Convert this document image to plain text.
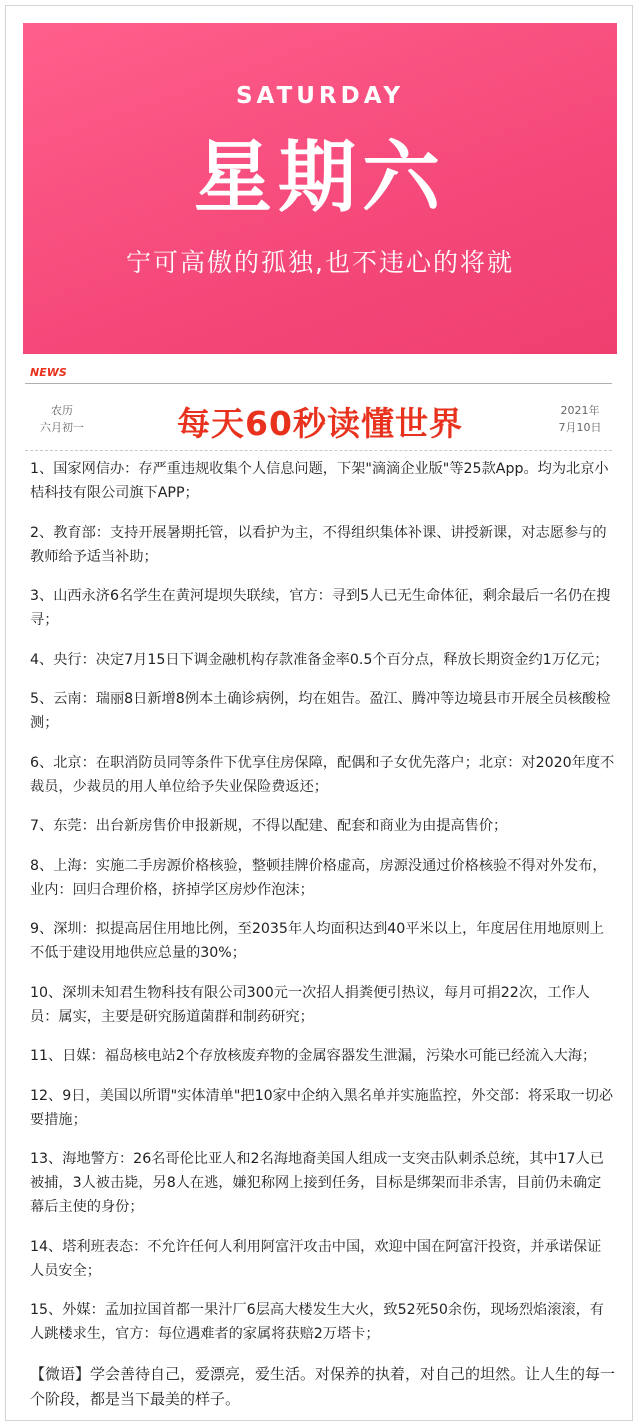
SATURDAY
星期六
宁可高傲的孤独,也不违心的将就
NEWS
农历
六月初一	每天60秒读懂世界	2021年
7月10日

1、国家网信办：存严重违规收集个人信息问题，下架"滴滴企业版"等25款App。均为北京小桔科技有限公司旗下APP；

2、教育部：支持开展暑期托管，以看护为主，不得组织集体补课、讲授新课，对志愿参与的教师给予适当补助；

3、山西永济6名学生在黄河堤坝失联续，官方：寻到5人已无生命体征，剩余最后一名仍在搜寻；

4、央行：决定7月15日下调金融机构存款准备金率0.5个百分点，释放长期资金约1万亿元；

5、云南：瑞丽8日新增8例本土确诊病例，均在姐告。盈江、腾冲等边境县市开展全员核酸检测；

6、北京：在职消防员同等条件下优享住房保障，配偶和子女优先落户；北京：对2020年度不裁员，少裁员的用人单位给予失业保险费返还；

7、东莞：出台新房售价申报新规，不得以配建、配套和商业为由提高售价；

8、上海：实施二手房源价格核验，整顿挂牌价格虚高，房源没通过价格核验不得对外发布，业内：回归合理价格，挤掉学区房炒作泡沫；

9、深圳：拟提高居住用地比例，至2035年人均面积达到40平米以上，年度居住用地原则上不低于建设用地供应总量的30%；

10、深圳未知君生物科技有限公司300元一次招人捐粪便引热议，每月可捐22次，工作人员：属实，主要是研究肠道菌群和制药研究；

11、日媒：福岛核电站2个存放核废弃物的金属容器发生泄漏，污染水可能已经流入大海；

12、9日，美国以所谓"实体清单"把10家中企纳入黑名单并实施监控，外交部：将采取一切必要措施；

13、海地警方：26名哥伦比亚人和2名海地裔美国人组成一支突击队刺杀总统，其中17人已被捕，3人被击毙，另8人在逃，嫌犯称网上接到任务，目标是绑架而非杀害，目前仍未确定幕后主使的身份；

14、塔利班表态：不允许任何人利用阿富汗攻击中国，欢迎中国在阿富汗投资，并承诺保证人员安全；

15、外媒：孟加拉国首都一果汁厂6层高大楼发生大火，致52死50余伤，现场烈焰滚滚，有人跳楼求生，官方：每位遇难者的家属将获赔2万塔卡；

【微语】学会善待自己，爱漂亮，爱生活。对保养的执着，对自己的坦然。让人生的每一个阶段，都是当下最美的样子。
